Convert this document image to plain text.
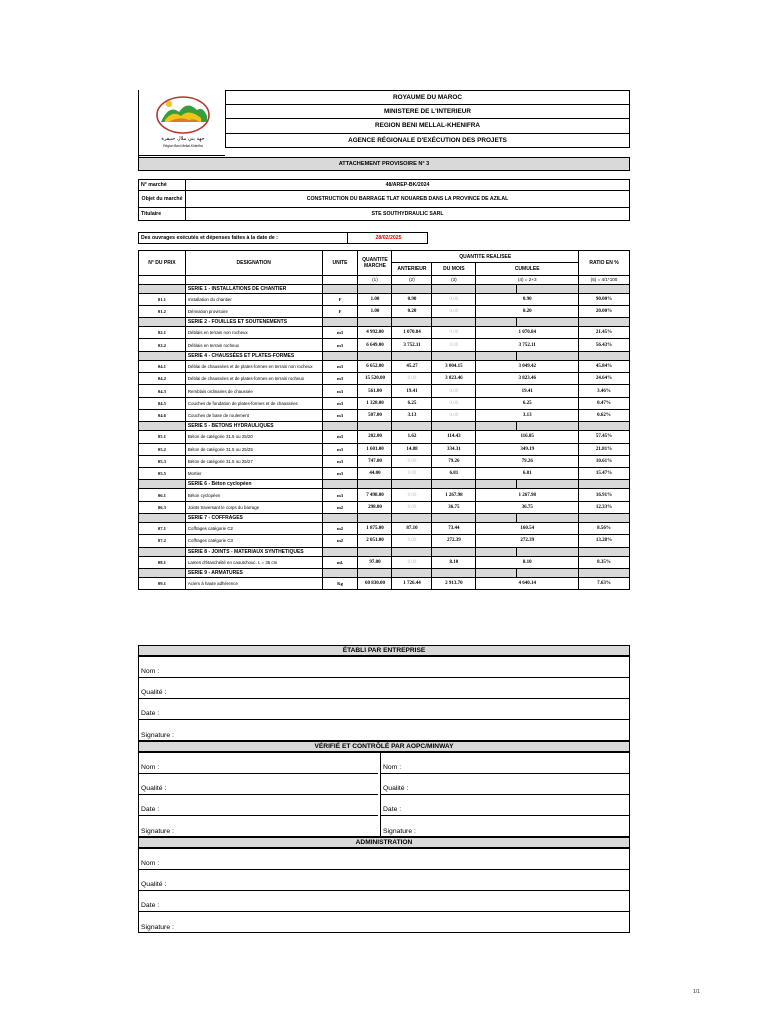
جهة بني ملال خنيفرة
Région Beni Mellal-Khénifra
ROYAUME DU MAROC
MINISTERE DE L'INTERIEUR
REGION BENI MELLAL-KHENIFRA
AGENCE RÉGIONALE D'EXÉCUTION DES PROJETS
ATTACHEMENT PROVISOIRE N° 3
N° marché	48/AREP-BK/2024
Objet du marché	CONSTRUCTION DU BARRAGE TLAT NOUAREB DANS LA PROVINCE DE AZILAL
Titulaire	STE SOUTHYDRAULIC SARL
Des ouvrages exécutés et dépenses faites à la date de :	28/02/2025
N° DU PRIX	DESIGNATION	UNITE	QUANTITE MARCHE	QUANTITE REALISEE				RATIO EN %
				ANTERIEUR	DU MOIS	CUMULEE	
			(1)	(2)	(3)	(4) = 2+3		(5) = 4/1*100
	SERIE 1 - INSTALLATIONS DE CHANTIER							
01.1	Installation du chantier	F	1.00	0.90	0.00	0.90		90.00%
01.2	Dérivation provisoire	F	1.00	0.20	0.00	0.20		20.00%
	SERIE 2 - FOUILLES ET SOUTENEMENTS							
02.1	Déblais en terrain non rocheux	m3	4 992.00	1 070.84	0.00	1 070.84		21.45%
02.2	Déblais en terrain rocheux	m3	6 649.00	3 752.11	0.00	3 752.11		56.43%
	SERIE 4 - CHAUSSÉES ET PLATES-FORMES							
04.1	Déblai de chaussées et de plates-formes en terrain non rocheux	m3	6 652.00	45.27	3 004.15	3 049.42		45.84%
04.2	Déblai de chaussées et de plates-formes en terrain rocheux	m3	15 520.00	0.00	3 823.46	3 823.46		24.64%
04.3	Remblais ordinaires de chaussée	m3	561.00	19.41	0.00	19.41		3.46%
04.5	Couches de fondation de plates-formes et de chaussées	m3	1 328.00	6.25	0.00	6.25		0.47%
04.6	Couches de base de roulement	m3	507.00	3.13	0.00	3.13		0.62%
	SERIE 5 - BETONS HYDRAULIQUES							
05.1	Béton de catégorie 31.5 ou 25/20	m3	202.00	1.62	114.43	116.05		57.45%
05.2	Béton de catégorie 31.5 ou 25/25	m3	1 601.00	14.88	334.31	349.19		21.81%
05.3	Béton de catégorie 31.5 ou 25/27	m3	747.00	0.00	79.26	79.26		10.61%
05.5	Mortier	m3	44.00	0.00	6.81	6.81		15.47%
	SERIE 6 - Béton cyclopéen							
06.1	Béton cyclopéen	m3	7 498.00	0.00	1 267.98	1 267.98		16.91%
06.3	Joints traversant le corps du barrage	m2	298.00	0.00	36.75	36.75		12.33%
	SERIE 7 - COFFRAGES							
07.1	Coffrages catégorie C2	m2	1 875.00	87.10	73.44	160.54		8.56%
07.2	Coffrages catégorie C3	m2	2 051.00	0.00	272.39	272.39		13.28%
	SERIE 8 - JOINTS - MATERIAUX SYNTHETIQUES							
08.1	Lames d'étanchéité en caoutchouc. L = 35 cm	ml.	97.00	0.00	8.10	8.10		8.35%
	SERIE 9 - ARMATURES							
09.1	Aciers à haute adhérence	Kg	60 830.00	1 726.44	2 913.70	4 640.14		7.63%
ÉTABLI PAR ENTREPRISE
Nom :
Qualité :
Date :
Signature :
VÉRIFIÉ ET CONTRÔLÉ PAR AOPC/MINWAY
Nom :
Qualité :
Date :
Signature :
Nom :
Qualité :
Date :
Signature :
ADMINISTRATION
Nom :
Qualité :
Date :
Signature :
1/1
